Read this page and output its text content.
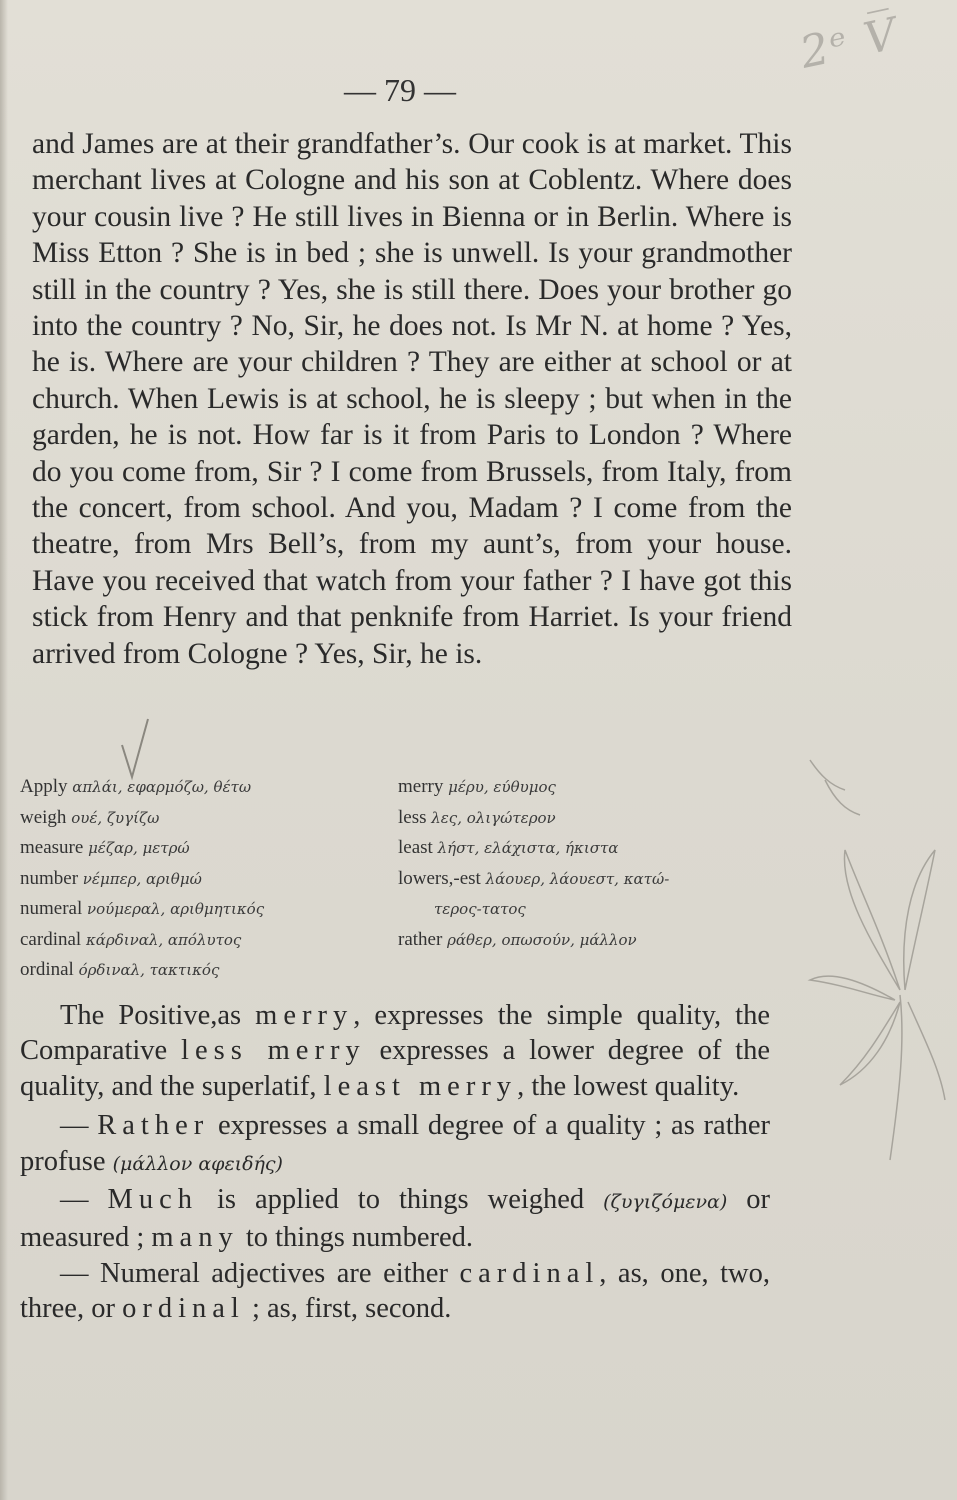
2ᵉ V̅
— 79 —
and James are at their grandfather’s. Our cook is at market. This merchant lives at Cologne and his son at Coblentz. Where does your cousin live ? He still lives in Bienna or in Berlin. Where is Miss Etton ? She is in bed ; she is unwell. Is your grandmother still in the country ? Yes, she is still there. Does your brother go into the country ? No, Sir, he does not. Is Mr N. at home ? Yes, he is. Where are your children ? They are either at school or at church. When Lewis is at school, he is sleepy ; but when in the garden, he is not. How far is it from Paris to London ? Where do you come from, Sir ? I come from Brussels, from Italy, from the concert, from school. And you, Madam ? I come from the theatre, from Mrs Bell’s, from my aunt’s, from your house. Have you received that watch from your father ? I have got this stick from Henry and that penknife from Harriet. Is your friend arrived from Cologne ? Yes, Sir, he is.
Apply απλάι, εφαρμόζω, θέτω
weigh ουέ, ζυγίζω
measure μέζαρ, μετρώ
number νέμπερ, αριθμώ
numeral νούμεραλ, αριθμητικός
cardinal κάρδιναλ, απόλυτος
ordinal όρδιναλ, τακτικός
merry μέρυ, εύθυμος
less λες, ολιγώτερον
least λήστ, ελάχιστα, ήκιστα
lowers,-est λάουερ, λάουεστ, κατώ-
τερος-τατος
rather ράθερ, οπωσούν, μάλλον

The Positive,as merry, expresses the simple quality, the Comparative less merry expresses a lower degree of the quality, and the superlatif, least merry, the lowest quality.

— Rather expresses a small degree of a quality ; as rather profuse (μάλλον αφειδής)

— Much is applied to things weighed (ζυγιζόμενα) or measured ; many to things numbered.

— Numeral adjectives are either cardinal, as, one, two, three, or ordinal ; as, first, second.
